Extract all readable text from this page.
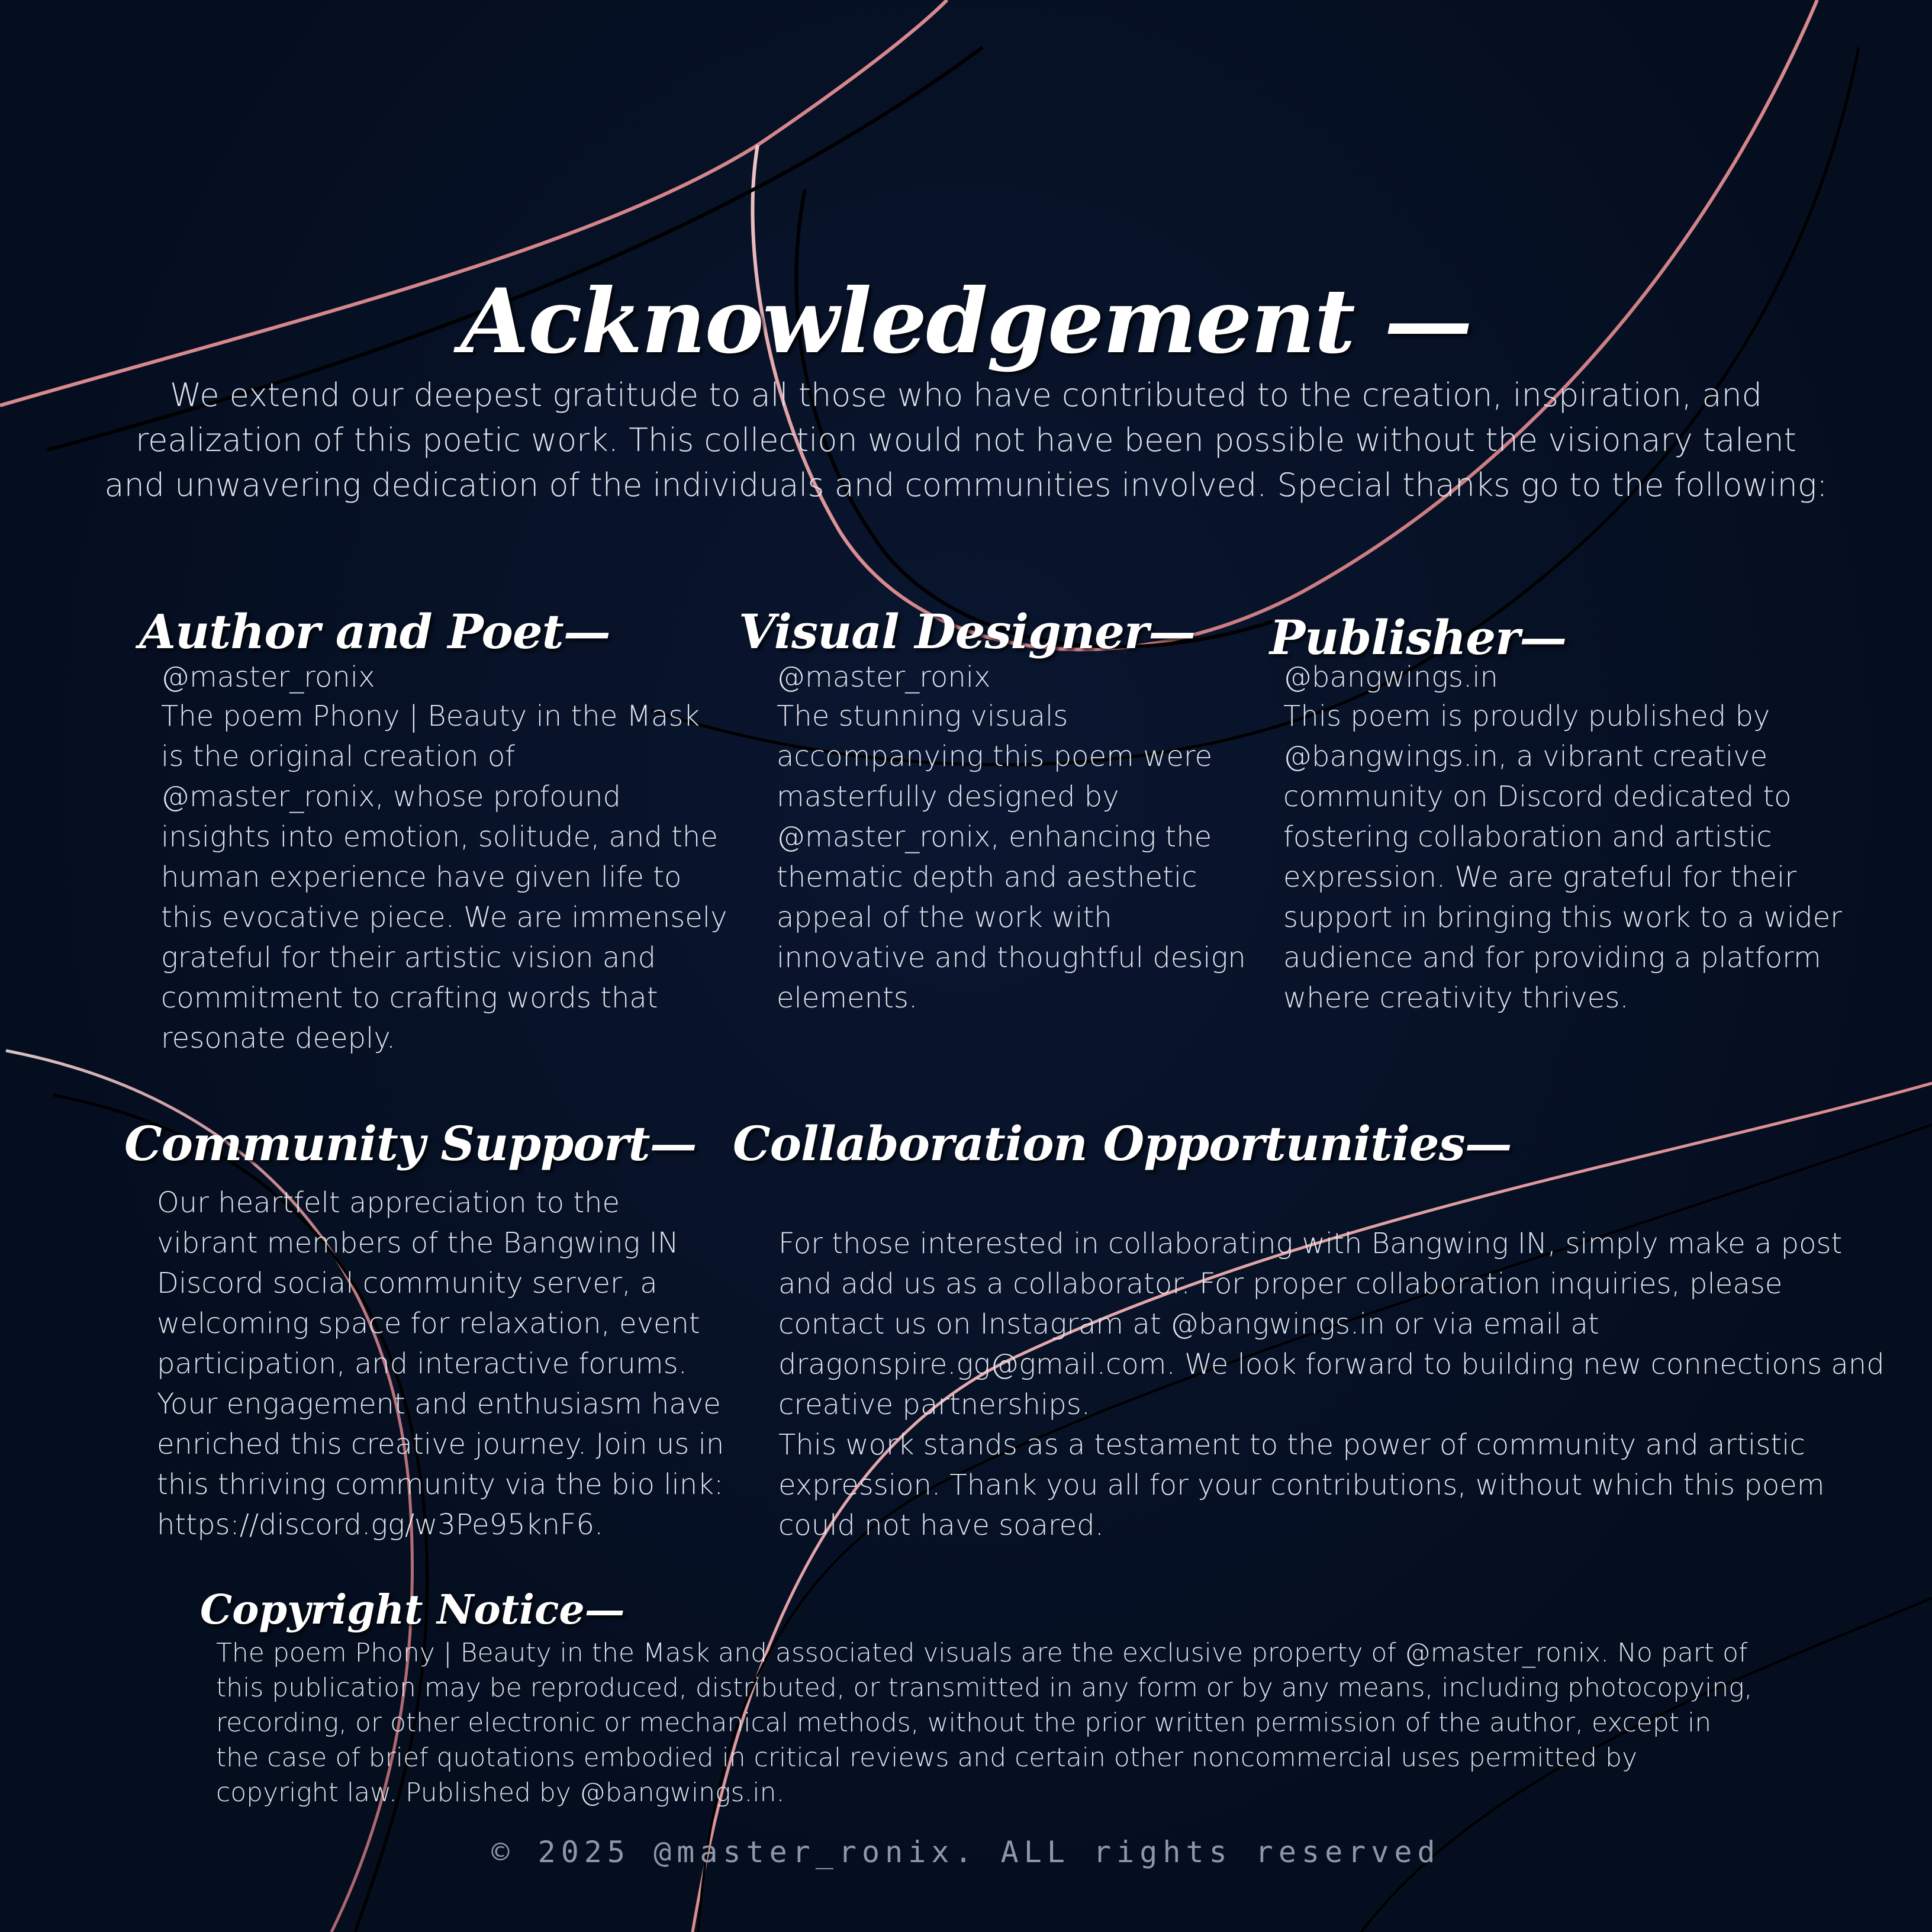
Acknowledgement —

We extend our deepest gratitude to all those who have contributed to the creation, inspiration, and realization of this poetic work. This collection would not have been possible without the visionary talent and unwavering dedication of the individuals and communities involved. Special thanks go to the following:

Author and Poet—

@master_ronix

The poem Phony | Beauty in the Mask is the original creation of @master_ronix, whose profound insights into emotion, solitude, and the human experience have given life to this evocative piece. We are immensely grateful for their artistic vision and commitment to crafting words that resonate deeply.

Visual Designer—

@master_ronix

The stunning visuals accompanying this poem were masterfully designed by @master_ronix, enhancing the thematic depth and aesthetic appeal of the work with innovative and thoughtful design elements.

Publisher—

@bangwings.in

This poem is proudly published by @bangwings.in, a vibrant creative community on Discord dedicated to fostering collaboration and artistic expression. We are grateful for their support in bringing this work to a wider audience and for providing a platform where creativity thrives.

Community Support—

Our heartfelt appreciation to the vibrant members of the Bangwing IN Discord social community server, a welcoming space for relaxation, event participation, and interactive forums. Your engagement and enthusiasm have enriched this creative journey. Join us in this thriving community via the bio link: https://discord.gg/w3Pe95knF6.

Collaboration Opportunities—
For those interested in collaborating with Bangwing IN, simply make a post and add us as a collaborator. For proper collaboration inquiries, please contact us on Instagram at @bangwings.in or via email at dragonspire.gg@gmail.com. We look forward to building new connections and creative partnerships.
This work stands as a testament to the power of community and artistic expression. Thank you all for your contributions, without which this poem could not have soared.
Copyright Notice—

The poem Phony | Beauty in the Mask and associated visuals are the exclusive property of @master_ronix. No part of this publication may be reproduced, distributed, or transmitted in any form or by any means, including photocopying, recording, or other electronic or mechanical methods, without the prior written permission of the author, except in the case of brief quotations embodied in critical reviews and certain other noncommercial uses permitted by copyright law. Published by @bangwings.in.

© 2025 @master_ronix. ALL rights reserved
